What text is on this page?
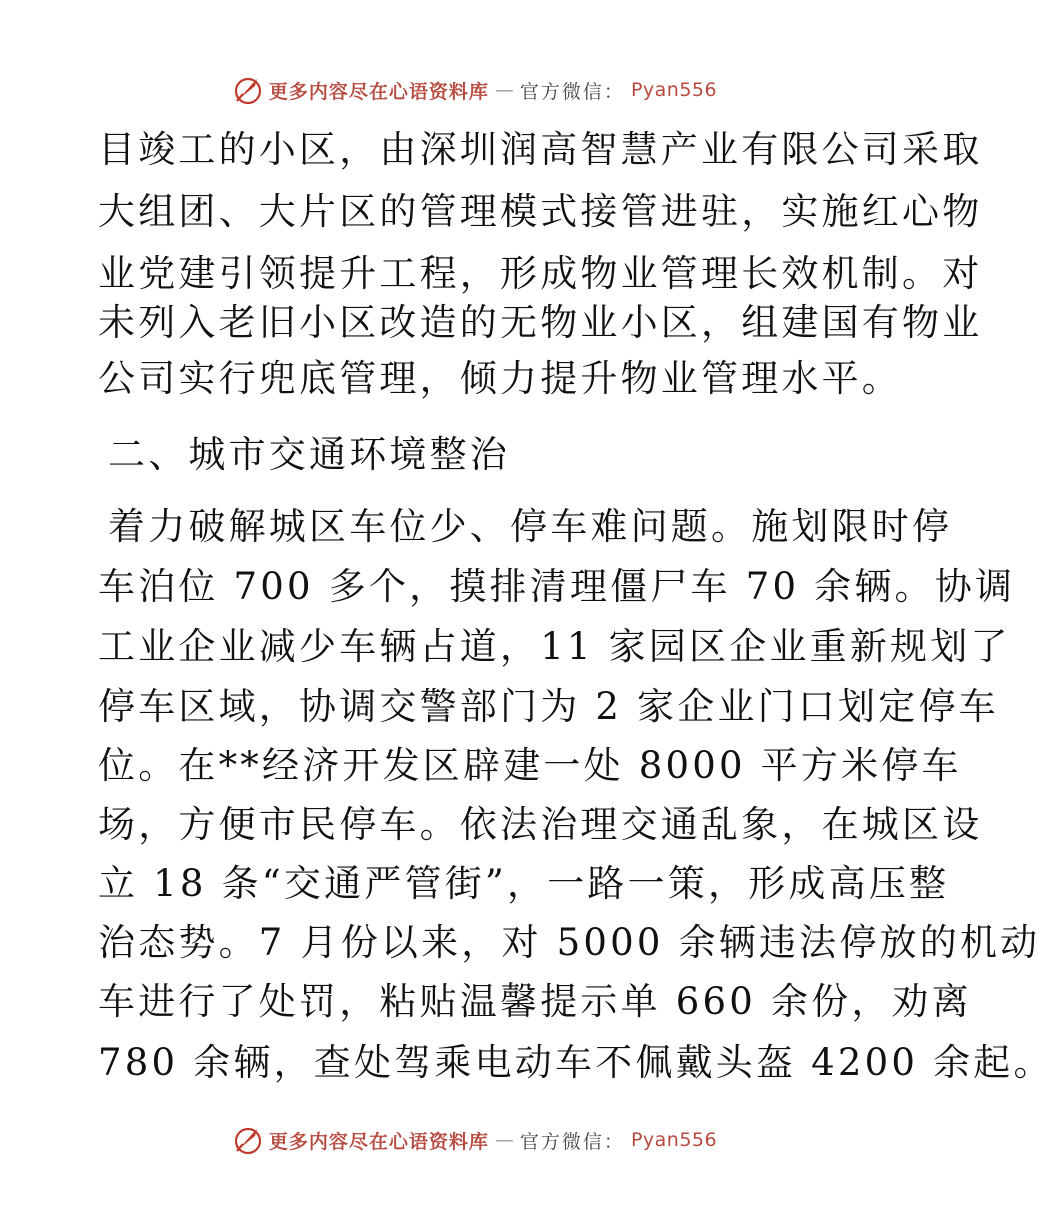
更多内容尽在心语资料库 — 官方微信： Pyan556
目竣工的小区，由深圳润高智慧产业有限公司采取
大组团、大片区的管理模式接管进驻，实施红心物
业党建引领提升工程，形成物业管理长效机制。对
未列入老旧小区改造的无物业小区，组建国有物业
公司实行兜底管理，倾力提升物业管理水平。
二、城市交通环境整治
着力破解城区车位少、停车难问题。施划限时停
车泊位 700 多个，摸排清理僵尸车 70 余辆。协调
工业企业减少车辆占道，11 家园区企业重新规划了
停车区域，协调交警部门为 2 家企业门口划定停车
位。在**经济开发区辟建一处 8000 平方米停车
场，方便市民停车。依法治理交通乱象，在城区设
立 18 条“交通严管街”，一路一策，形成高压整
治态势。7 月份以来，对 5000 余辆违法停放的机动
车进行了处罚，粘贴温馨提示单 660 余份，劝离
780 余辆，查处驾乘电动车不佩戴头盔 4200 余起。
更多内容尽在心语资料库 — 官方微信： Pyan556
